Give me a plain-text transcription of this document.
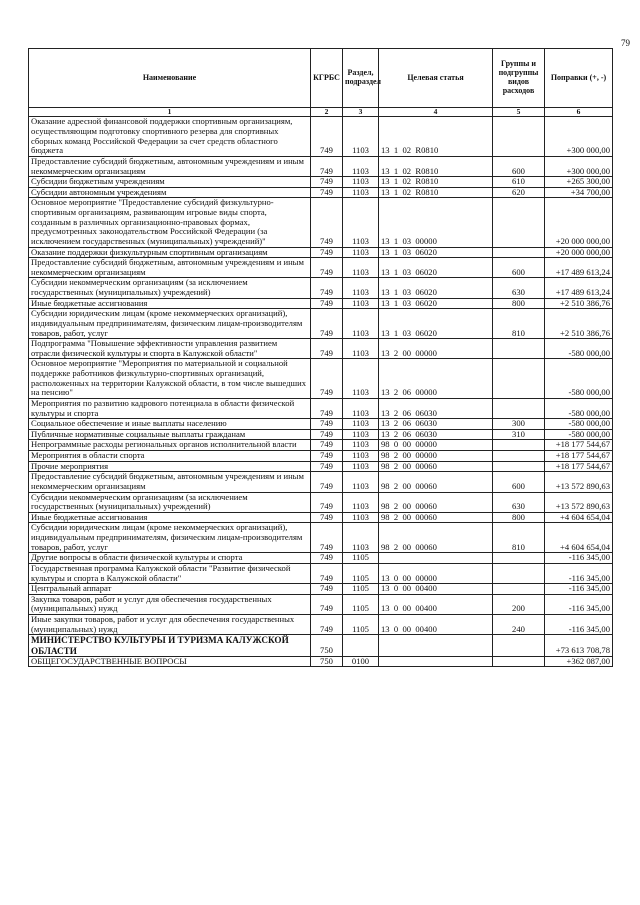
79
Наименование	КГРБС	Раздел, подраздел	Целевая статья	Группы и подгруппы видов расходов	Поправки (+, -)
1	2	3	4	5	6
Оказание адресной финансовой поддержки спортивным организациям, осуществляющим подготовку спортивного резерва для спортивных сборных команд Российской Федерации за счет средств областного бюджета	749	1103	13  1  02  R0810		+300 000,00
Предоставление субсидий бюджетным, автономным учреждениям и иным некоммерческим организациям	749	1103	13  1  02  R0810	600	+300 000,00
Субсидии бюджетным учреждениям	749	1103	13  1  02  R0810	610	+265 300,00
Субсидии автономным учреждениям	749	1103	13  1  02  R0810	620	+34 700,00
Основное мероприятие "Предоставление субсидий физкультурно-спортивным организациям, развивающим игровые виды спорта, созданным в различных организационно-правовых формах, предусмотренных законодательством Российской Федерации (за исключением государственных (муниципальных) учреждений)"	749	1103	13  1  03  00000		+20 000 000,00
Оказание поддержки физкультурным спортивным организациям	749	1103	13  1  03  06020		+20 000 000,00
Предоставление субсидий бюджетным, автономным учреждениям и иным некоммерческим организациям	749	1103	13  1  03  06020	600	+17 489 613,24
Субсидии некоммерческим организациям (за исключением государственных (муниципальных) учреждений)	749	1103	13  1  03  06020	630	+17 489 613,24
Иные бюджетные ассигнования	749	1103	13  1  03  06020	800	+2 510 386,76
Субсидии юридическим лицам (кроме некоммерческих организаций), индивидуальным предпринимателям, физическим лицам-производителям товаров, работ, услуг	749	1103	13  1  03  06020	810	+2 510 386,76
Подпрограмма "Повышение эффективности управления развитием отрасли физической культуры и спорта в Калужской области"	749	1103	13  2  00  00000		-580 000,00
Основное мероприятие "Мероприятия по материальной и социальной поддержке работников физкультурно-спортивных организаций, расположенных на территории Калужской области, в том числе вышедших на пенсию"	749	1103	13  2  06  00000		-580 000,00
Мероприятия по развитию кадрового потенциала в области физической культуры и спорта	749	1103	13  2  06  06030		-580 000,00
Социальное обеспечение и иные выплаты населению	749	1103	13  2  06  06030	300	-580 000,00
Публичные нормативные социальные выплаты гражданам	749	1103	13  2  06  06030	310	-580 000,00
Непрограммные расходы региональных органов исполнительной власти	749	1103	98  0  00  00000		+18 177 544,67
Мероприятия в области спорта	749	1103	98  2  00  00000		+18 177 544,67
Прочие мероприятия	749	1103	98  2  00  00060		+18 177 544,67
Предоставление субсидий бюджетным, автономным учреждениям и иным некоммерческим организациям	749	1103	98  2  00  00060	600	+13 572 890,63
Субсидии некоммерческим организациям (за исключением государственных (муниципальных) учреждений)	749	1103	98  2  00  00060	630	+13 572 890,63
Иные бюджетные ассигнования	749	1103	98  2  00  00060	800	+4 604 654,04
Субсидии юридическим лицам (кроме некоммерческих организаций), индивидуальным предпринимателям, физическим лицам-производителям товаров, работ, услуг	749	1103	98  2  00  00060	810	+4 604 654,04
Другие вопросы в области физической культуры и спорта	749	1105			-116 345,00
Государственная программа Калужской области "Развитие физической культуры и спорта в Калужской области"	749	1105	13  0  00  00000		-116 345,00
Центральный аппарат	749	1105	13  0  00  00400		-116 345,00
Закупка товаров, работ и услуг для обеспечения государственных (муниципальных) нужд	749	1105	13  0  00  00400	200	-116 345,00
Иные закупки товаров, работ и услуг для обеспечения государственных (муниципальных) нужд	749	1105	13  0  00  00400	240	-116 345,00
МИНИСТЕРСТВО КУЛЬТУРЫ И ТУРИЗМА КАЛУЖСКОЙ ОБЛАСТИ	750				+73 613 708,78
ОБЩЕГОСУДАРСТВЕННЫЕ ВОПРОСЫ	750	0100			+362 087,00
